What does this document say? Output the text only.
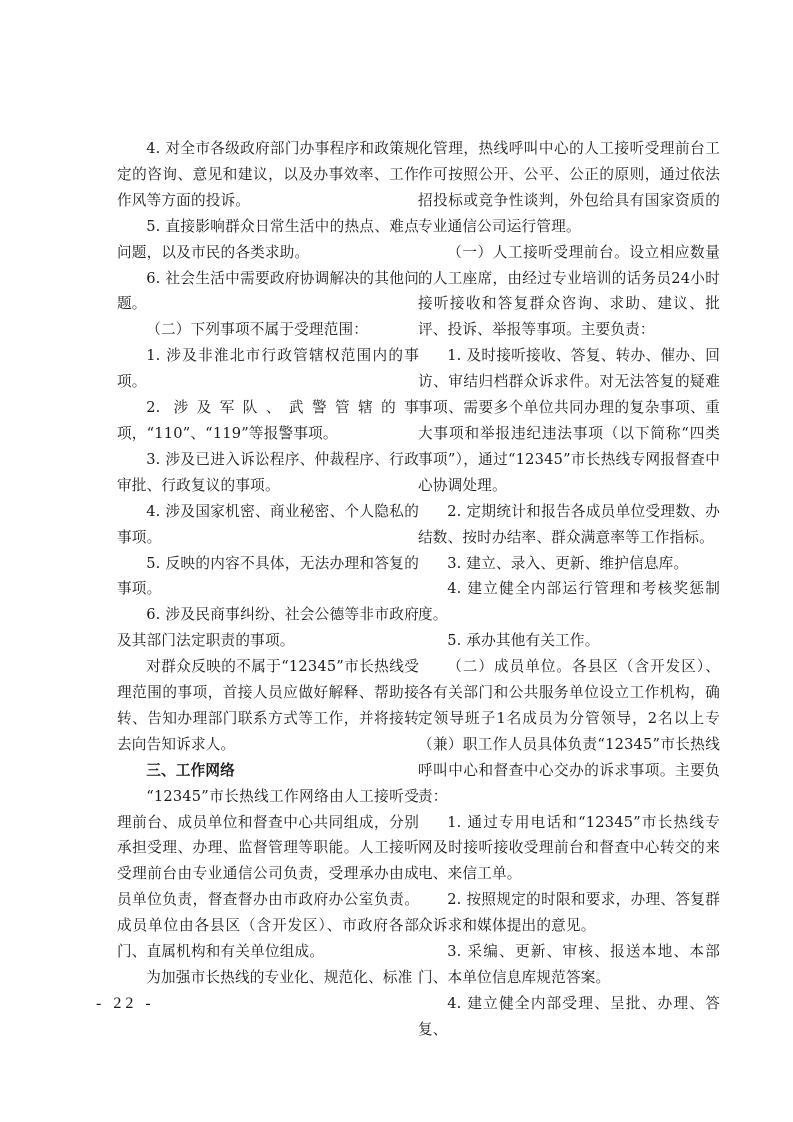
4. 对全市各级政府部门办事程序和政策规定的咨询、意见和建议，以及办事效率、工作作风等方面的投诉。

5. 直接影响群众日常生活中的热点、难点问题，以及市民的各类求助。

6. 社会生活中需要政府协调解决的其他问题。

（二）下列事项不属于受理范围：

1. 涉及非淮北市行政管辖权范围内的事项。

2. 涉及军队、武警管辖的事项，“110”、“119”等报警事项。

3. 涉及已进入诉讼程序、仲裁程序、行政审批、行政复议的事项。

4. 涉及国家机密、商业秘密、个人隐私的事项。

5. 反映的内容不具体，无法办理和答复的事项。

6. 涉及民商事纠纷、社会公德等非市政府及其部门法定职责的事项。

对群众反映的不属于“12345”市长热线受理范围的事项，首接人员应做好解释、帮助接转、告知办理部门联系方式等工作，并将接转去向告知诉求人。

三、工作网络

“12345”市长热线工作网络由人工接听受理前台、成员单位和督查中心共同组成，分别承担受理、办理、监督管理等职能。人工接听受理前台由专业通信公司负责，受理承办由成员单位负责，督查督办由市政府办公室负责。成员单位由各县区（含开发区）、市政府各部门、直属机构和有关单位组成。

为加强市长热线的专业化、规范化、标准

化管理，热线呼叫中心的人工接听受理前台工作可按照公开、公平、公正的原则，通过依法招投标或竞争性谈判，外包给具有国家资质的专业通信公司运行管理。

（一）人工接听受理前台。设立相应数量的人工座席，由经过专业培训的话务员24小时接听接收和答复群众咨询、求助、建议、批评、投诉、举报等事项。主要负责：

1. 及时接听接收、答复、转办、催办、回访、审结归档群众诉求件。对无法答复的疑难事项、需要多个单位共同办理的复杂事项、重大事项和举报违纪违法事项（以下简称“四类事项”），通过“12345”市长热线专网报督查中心协调处理。

2. 定期统计和报告各成员单位受理数、办结数、按时办结率、群众满意率等工作指标。

3. 建立、录入、更新、维护信息库。

4. 建立健全内部运行管理和考核奖惩制度。

5. 承办其他有关工作。

（二）成员单位。各县区（含开发区）、各有关部门和公共服务单位设立工作机构，确定领导班子1名成员为分管领导，2名以上专（兼）职工作人员具体负责“12345”市长热线呼叫中心和督查中心交办的诉求事项。主要负责：

1. 通过专用电话和“12345”市长热线专网及时接听接收受理前台和督查中心转交的来电、来信工单。

2. 按照规定的时限和要求，办理、答复群众诉求和媒体提出的意见。

3. 采编、更新、审核、报送本地、本部门、本单位信息库规范答案。

4. 建立健全内部受理、呈批、办理、答复、

- 22 -
